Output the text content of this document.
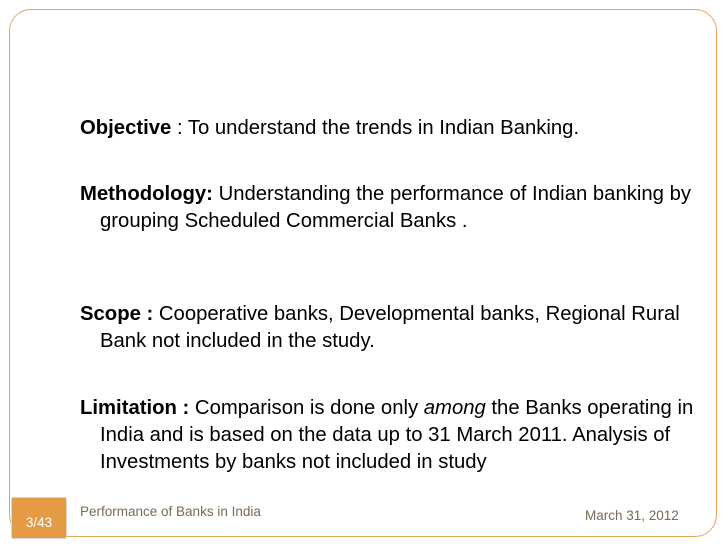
Objective : To understand the trends in Indian Banking.
Methodology: Understanding the performance of Indian banking by grouping Scheduled Commercial Banks .
Scope : Cooperative banks, Developmental banks, Regional Rural Bank not included in the study.
Limitation : Comparison is done only among the Banks operating in India and is based on the data up to 31 March 2011. Analysis of Investments by banks not included in study
3/43
Performance of Banks in India	March 31, 2012
